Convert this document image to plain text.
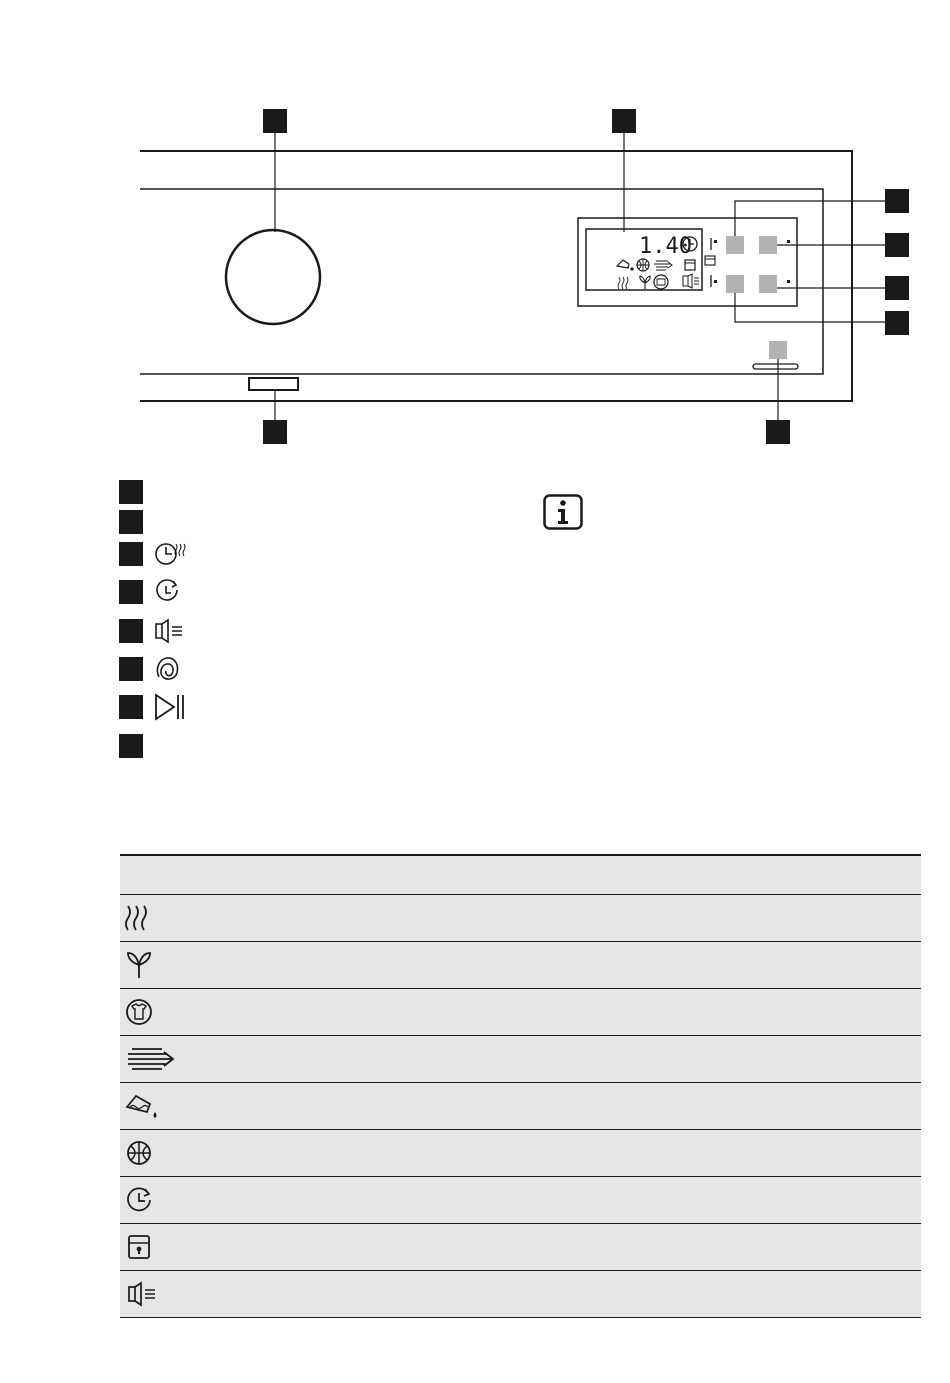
1.40
